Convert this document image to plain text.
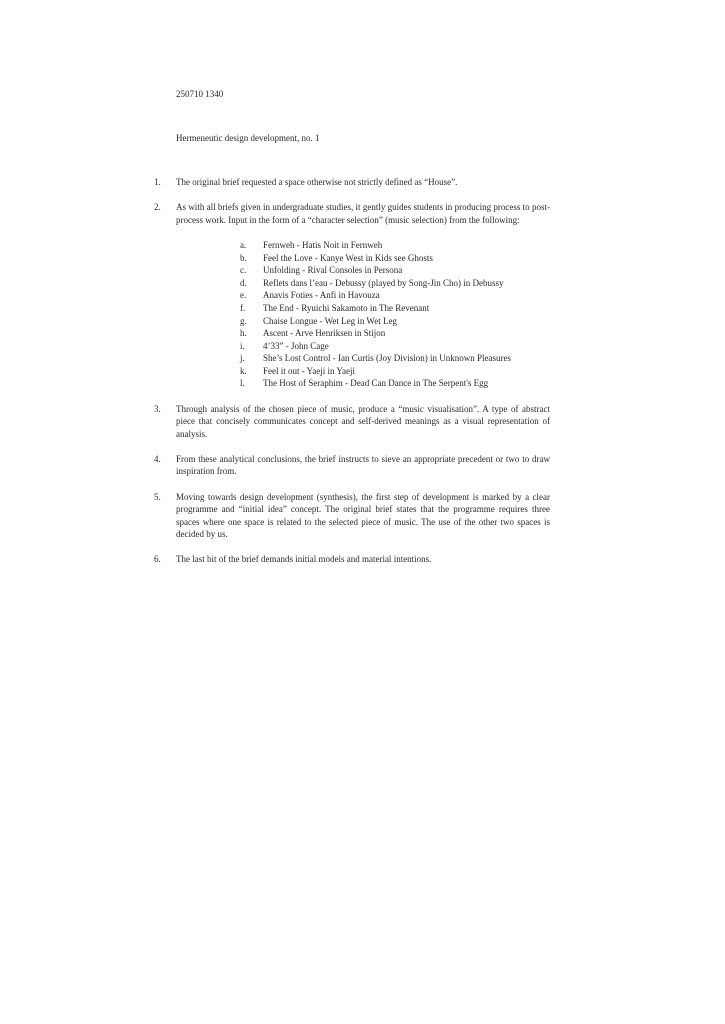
250710 1340
Hermeneutic design development, no. 1
1. The original brief requested a space otherwise not strictly defined as “House”.
2. As with all briefs given in undergraduate studies, it gently guides students in producing process to post-process work. Input in the form of a “character selection” (music selection) from the following:
a. Fernweh - Hatis Noit in Fernweh
b. Feel the Love - Kanye West in Kids see Ghosts
c. Unfolding - Rival Consoles in Persona
d. Reflets dans l’eau - Debussy (played by Song-Jin Cho) in Debussy
e. Anavis Foties - Anfi in Havouza
f. The End - Ryuichi Sakamoto in The Revenant
g. Chaise Longue - Wet Leg in Wet Leg
h. Ascent - Arve Henriksen in Stijon
i. 4’33” - John Cage
j. She’s Lost Control - Ian Curtis (Joy Division) in Unknown Pleasures
k. Feel it out - Yaeji in Yaeji
l. The Host of Seraphim - Dead Can Dance in The Serpent's Egg
3. Through analysis of the chosen piece of music, produce a “music visualisation”. A type of abstract piece that concisely communicates concept and self-derived meanings as a visual representation of analysis.
4. From these analytical conclusions, the brief instructs to sieve an appropriate precedent or two to draw inspiration from.
5. Moving towards design development (synthesis), the first step of development is marked by a clear programme and “initial idea” concept. The original brief states that the programme requires three spaces where one space is related to the selected piece of music. The use of the other two spaces is decided by us.
6. The last bit of the brief demands initial models and material intentions.
